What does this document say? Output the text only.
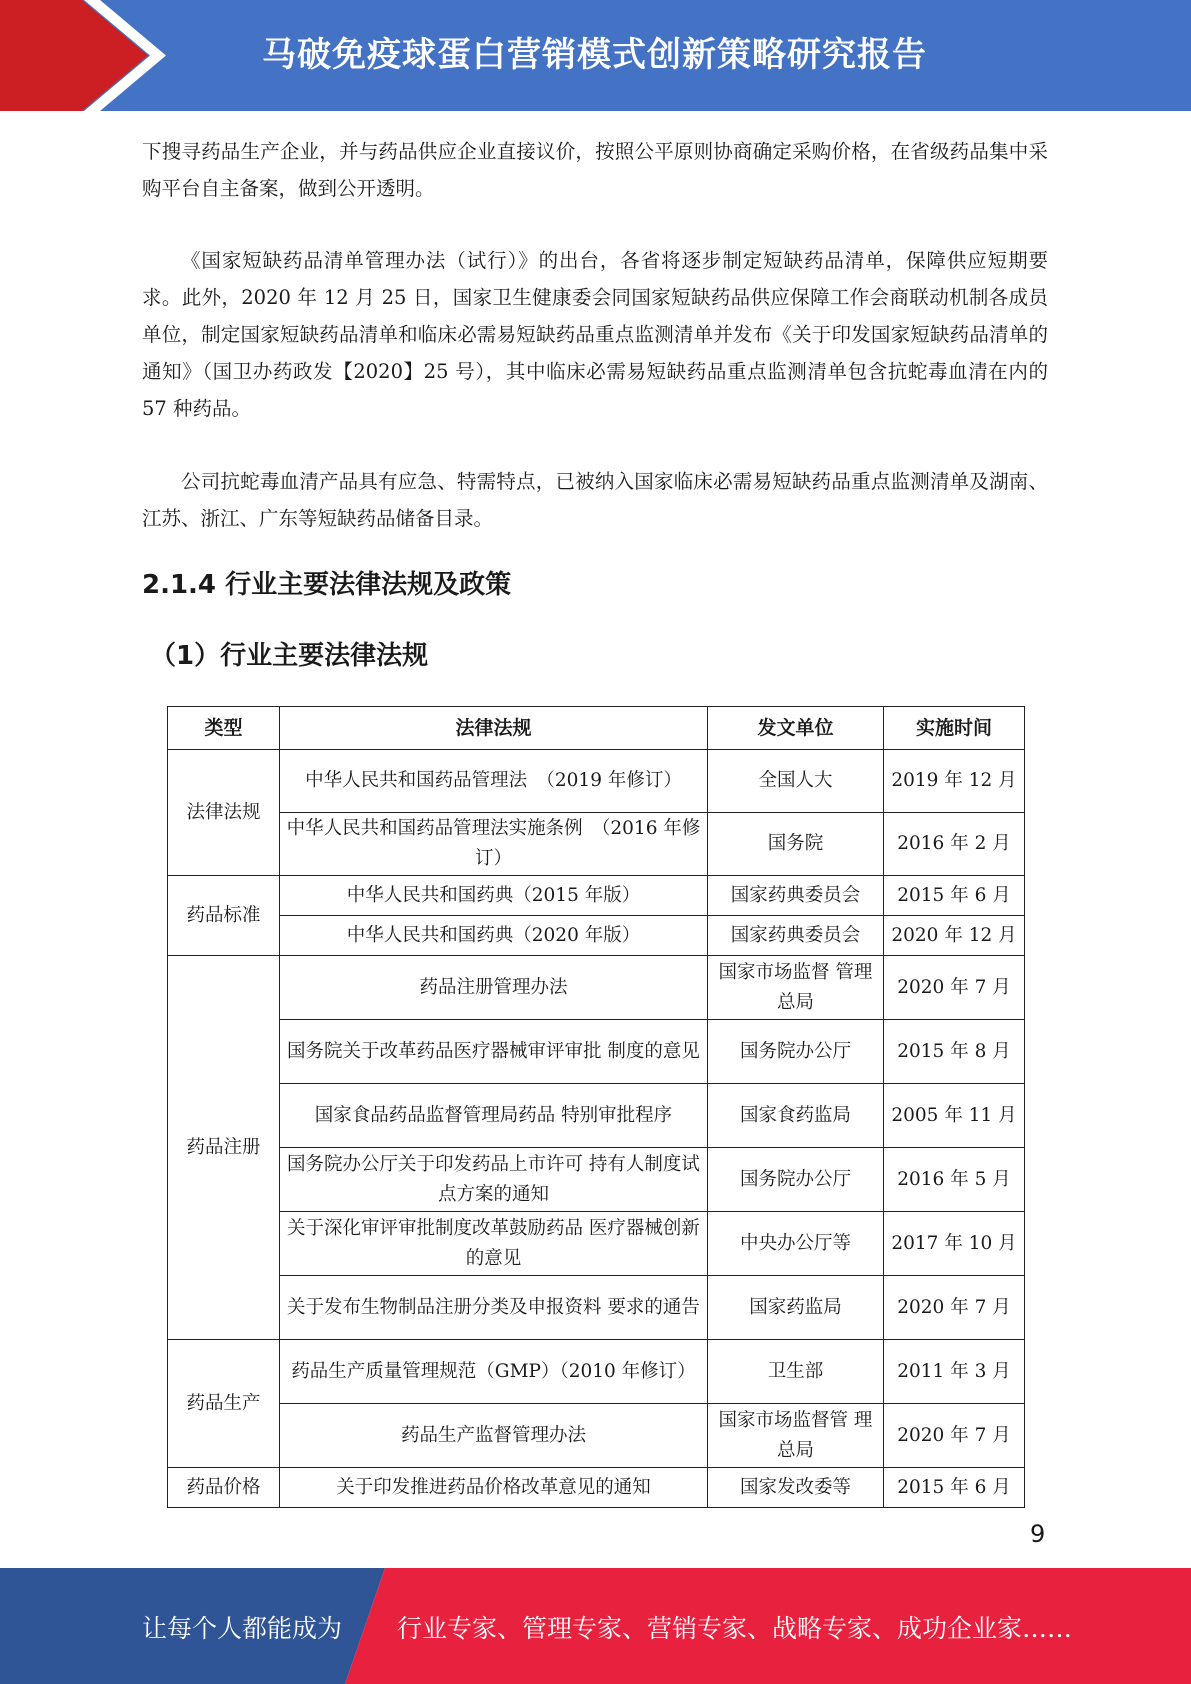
马破免疫球蛋白营销模式创新策略研究报告

下搜寻药品生产企业，并与药品供应企业直接议价，按照公平原则协商确定采购价格，在省级药品集中采购平台自主备案，做到公开透明。

《国家短缺药品清单管理办法（试行）》的出台，各省将逐步制定短缺药品清单，保障供应短期要求。此外，2020 年 12 月 25 日，国家卫生健康委会同国家短缺药品供应保障工作会商联动机制各成员单位，制定国家短缺药品清单和临床必需易短缺药品重点监测清单并发布《关于印发国家短缺药品清单的通知》（国卫办药政发【2020】25 号），其中临床必需易短缺药品重点监测清单包含抗蛇毒血清在内的 57 种药品。

公司抗蛇毒血清产品具有应急、特需特点，已被纳入国家临床必需易短缺药品重点监测清单及湖南、江苏、浙江、广东等短缺药品储备目录。

2.1.4 行业主要法律法规及政策
（1）行业主要法律法规
类型	法律法规	发文单位	实施时间
法律法规	中华人民共和国药品管理法　（2019 年修订）	全国人大	2019 年 12 月
	中华人民共和国药品管理法实施条例　（2016 年修订）	国务院	2016 年 2 月
药品标准	中华人民共和国药典（2015 年版）	国家药典委员会	2015 年 6 月
	中华人民共和国药典（2020 年版）	国家药典委员会	2020 年 12 月
药品注册	药品注册管理办法	国家市场监督 管理总局	2020 年 7 月
	国务院关于改革药品医疗器械审评审批 制度的意见	国务院办公厅	2015 年 8 月
	国家食品药品监督管理局药品 特别审批程序	国家食药监局	2005 年 11 月
	国务院办公厅关于印发药品上市许可 持有人制度试点方案的通知	国务院办公厅	2016 年 5 月
	关于深化审评审批制度改革鼓励药品 医疗器械创新的意见	中央办公厅等	2017 年 10 月
	关于发布生物制品注册分类及申报资料 要求的通告	国家药监局	2020 年 7 月
药品生产	药品生产质量管理规范（GMP）（2010 年修订）	卫生部	2011 年 3 月
	药品生产监督管理办法	国家市场监督管 理总局	2020 年 7 月
药品价格	关于印发推进药品价格改革意见的通知	国家发改委等	2015 年 6 月
9
让每个人都能成为 行业专家、管理专家、营销专家、战略专家、成功企业家……
